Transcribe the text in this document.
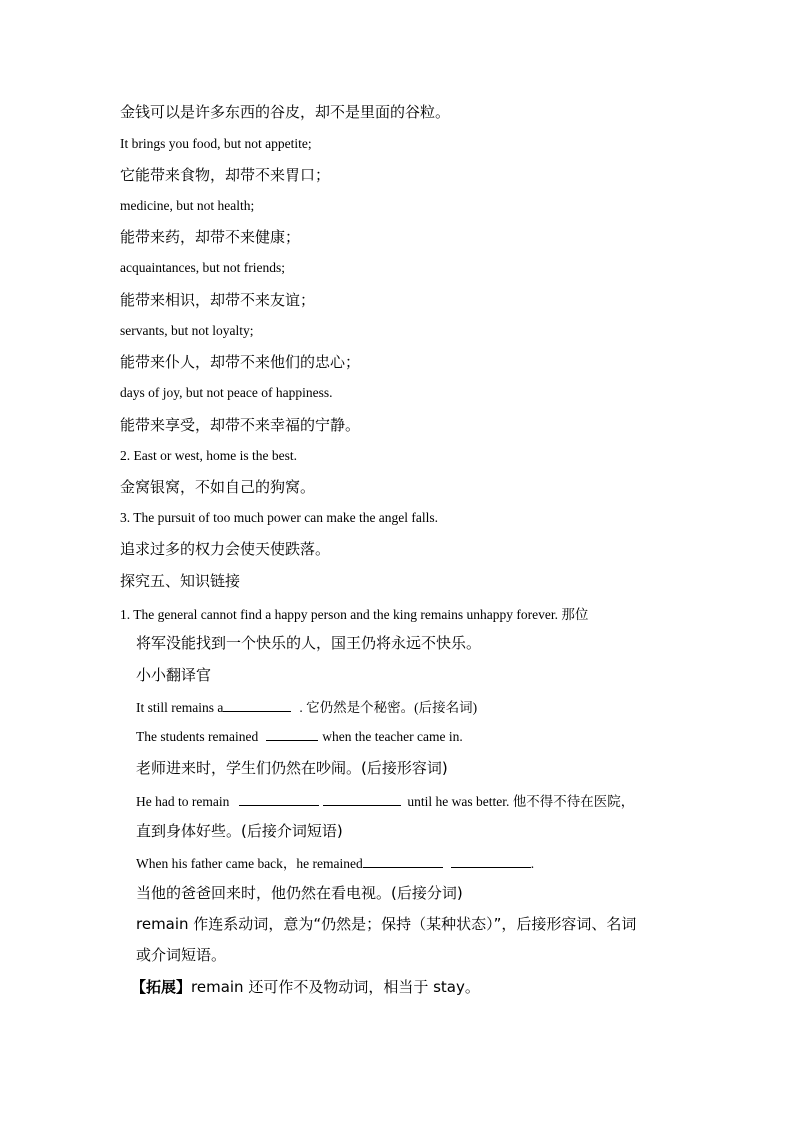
金钱可以是许多东西的谷皮，却不是里面的谷粒。
It brings you food, but not appetite;
它能带来食物，却带不来胃口；
medicine, but not health;
能带来药，却带不来健康；
acquaintances, but not friends;
能带来相识，却带不来友谊；
servants, but not loyalty;
能带来仆人，却带不来他们的忠心；
days of joy, but not peace of happiness.
能带来享受，却带不来幸福的宁静。
2. East or west, home is the best.
金窝银窝，不如自己的狗窝。
3. The pursuit of too much power can make the angel falls.
追求过多的权力会使天使跌落。
探究五、知识链接
1. The general cannot find a happy person and the king remains unhappy forever. 那位
将军没能找到一个快乐的人，国王仍将永远不快乐。
小小翻译官
It still remains a	. 它仍然是个秘密。(后接名词)
The students remained	when the teacher came in.
老师进来时，学生们仍然在吵闹。(后接形容词)
He had to remain	until he was better. 他不得不待在医院，
直到身体好些。(后接介词短语)
When his father came back，he remained	.
当他的爸爸回来时，他仍然在看电视。(后接分词)
remain 作连系动词，意为“仍然是；保持（某种状态）”，后接形容词、名词
或介词短语。
【拓展】remain 还可作不及物动词，相当于 stay。
